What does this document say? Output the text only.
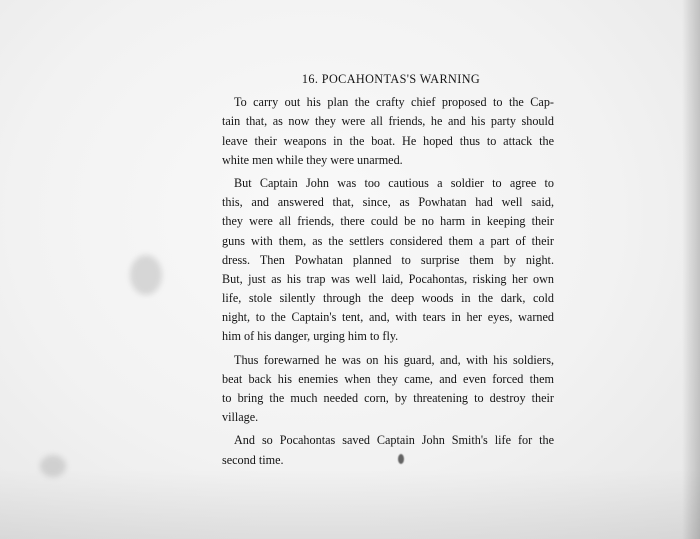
16. POCAHONTAS'S WARNING
To carry out his plan the crafty chief proposed to the Cap-
tain that, as now they were all friends, he and his party should
leave their weapons in the boat. He hoped thus to attack the
white men while they were unarmed.
But Captain John was too cautious a soldier to agree to
this, and answered that, since, as Powhatan had well said,
they were all friends, there could be no harm in keeping their
guns with them, as the settlers considered them a part of their
dress. Then Powhatan planned to surprise them by night.
But, just as his trap was well laid, Pocahontas, risking her own
life, stole silently through the deep woods in the dark, cold
night, to the Captain's tent, and, with tears in her eyes, warned
him of his danger, urging him to fly.
Thus forewarned he was on his guard, and, with his soldiers,
beat back his enemies when they came, and even forced them
to bring the much needed corn, by threatening to destroy their
village.
And so Pocahontas saved Captain John Smith's life for the
second time.
